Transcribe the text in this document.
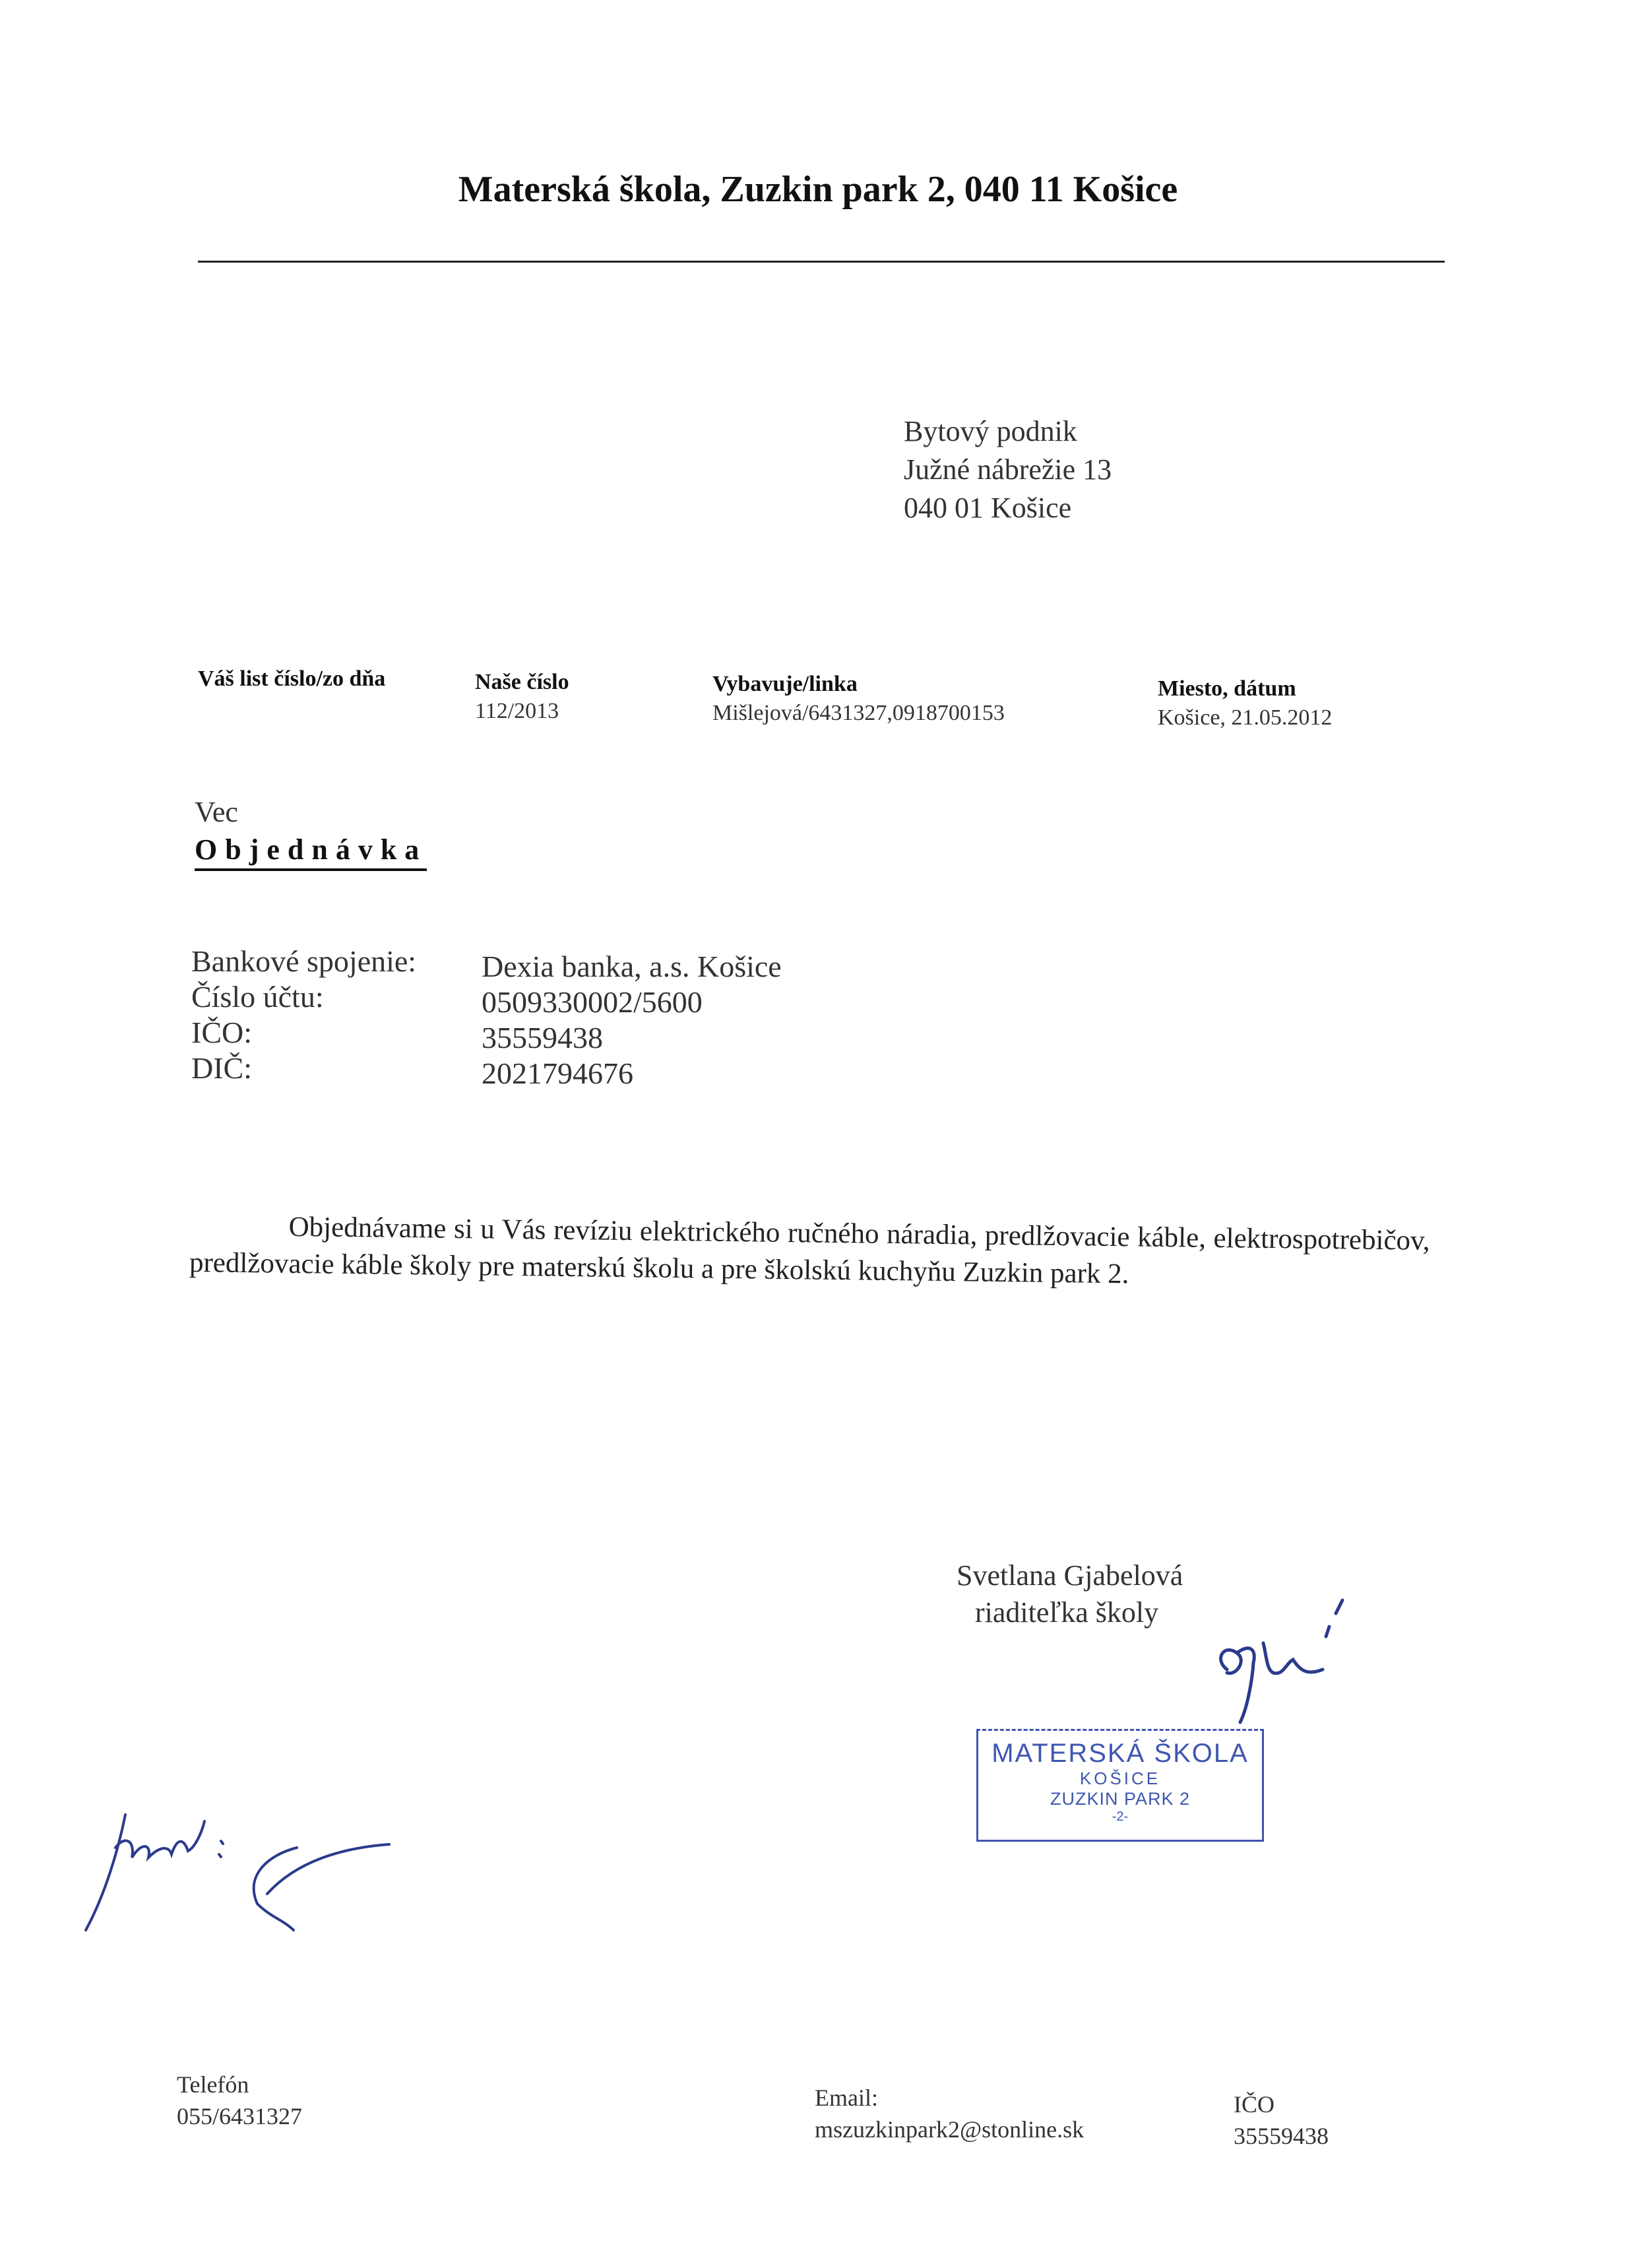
Materská škola, Zuzkin park 2, 040 11 Košice
Bytový podnik
Južné nábrežie 13
040 01 Košice
Váš list číslo/zo dňa	Naše číslo
112/2013
Vybavuje/linka
Mišlejová/6431327,0918700153
Miesto, dátum
Košice, 21.05.2012
Vec
Objednávka
Bankové spojenie:
Číslo účtu:
IČO:
DIČ:
Dexia banka, a.s. Košice
0509330002/5600
35559438
2021794676
Objednávame si u Vás revíziu elektrického ručného náradia, predlžovacie káble, elektrospotrebičov, predlžovacie káble školy pre materskú školu a pre školskú kuchyňu Zuzkin park 2.
Svetlana Gjabelová
riaditeľka školy
MATERSKÁ ŠKOLA
KOŠICE
ZUZKIN PARK 2
-2-
Telefón
055/6431327
Email:
mszuzkinpark2@stonline.sk
IČO
35559438
